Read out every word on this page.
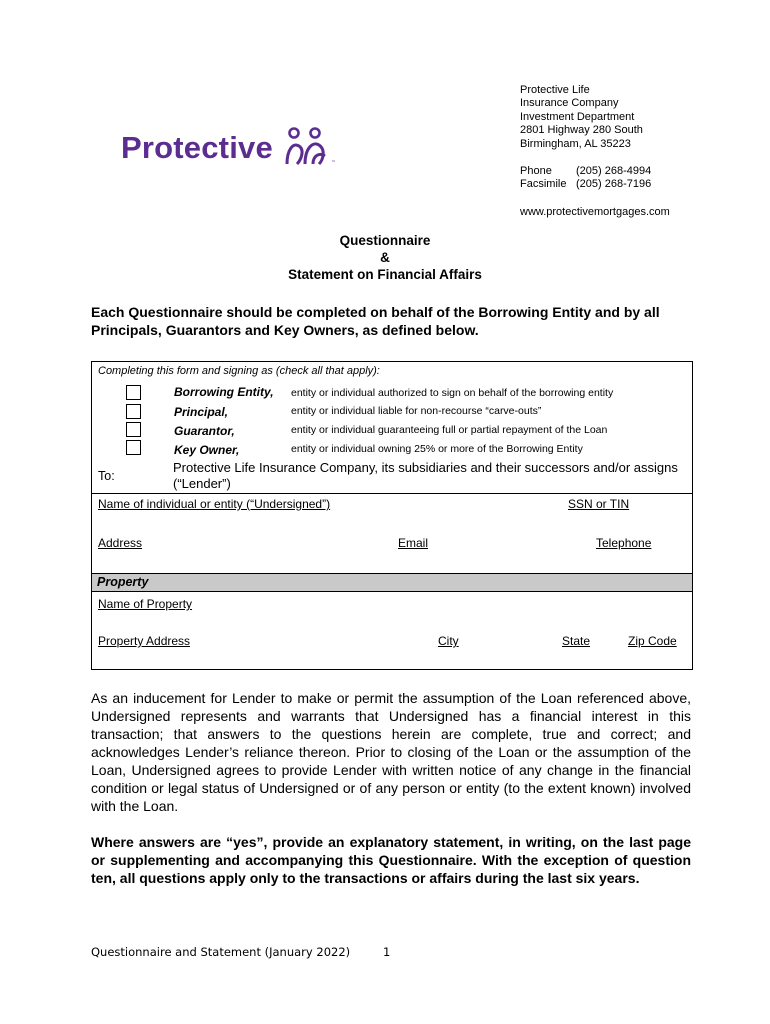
Protective	™
Protective Life
Insurance Company
Investment Department
2801 Highway 280 South
Birmingham, AL 35223
Phone (205) 268-4994
Facsimile (205) 268-7196
www.protectivemortgages.com
Questionnaire
&
Statement on Financial Affairs
Each Questionnaire should be completed on behalf of the Borrowing Entity and by all Principals, Guarantors and Key Owners, as defined below.
Completing this form and signing as (check all that apply):
Borrowing Entity, entity or individual authorized to sign on behalf of the borrowing entity
Principal,	entity or individual liable for non-recourse “carve-outs”
Guarantor,	entity or individual guaranteeing full or partial repayment of the Loan
Key Owner,	entity or individual owning 25% or more of the Borrowing Entity
To:
Protective Life Insurance Company, its subsidiaries and their successors and/or assigns (“Lender”)
Name of individual or entity (“Undersigned”)	SSN or TIN
Address	Email	Telephone
Property
Name of Property
Property Address	City	State	Zip Code
As an inducement for Lender to make or permit the assumption of the Loan referenced above, Undersigned represents and warrants that Undersigned has a financial interest in this transaction; that answers to the questions herein are complete, true and correct; and acknowledges Lender’s reliance thereon. Prior to closing of the Loan or the assumption of the Loan, Undersigned agrees to provide Lender with written notice of any change in the financial condition or legal status of Undersigned or of any person or entity (to the extent known) involved with the Loan.
Where answers are “yes”, provide an explanatory statement, in writing, on the last page or supplementing and accompanying this Questionnaire. With the exception of question ten, all questions apply only to the transactions or affairs during the last six years.
Questionnaire and Statement (January 2022)	1
